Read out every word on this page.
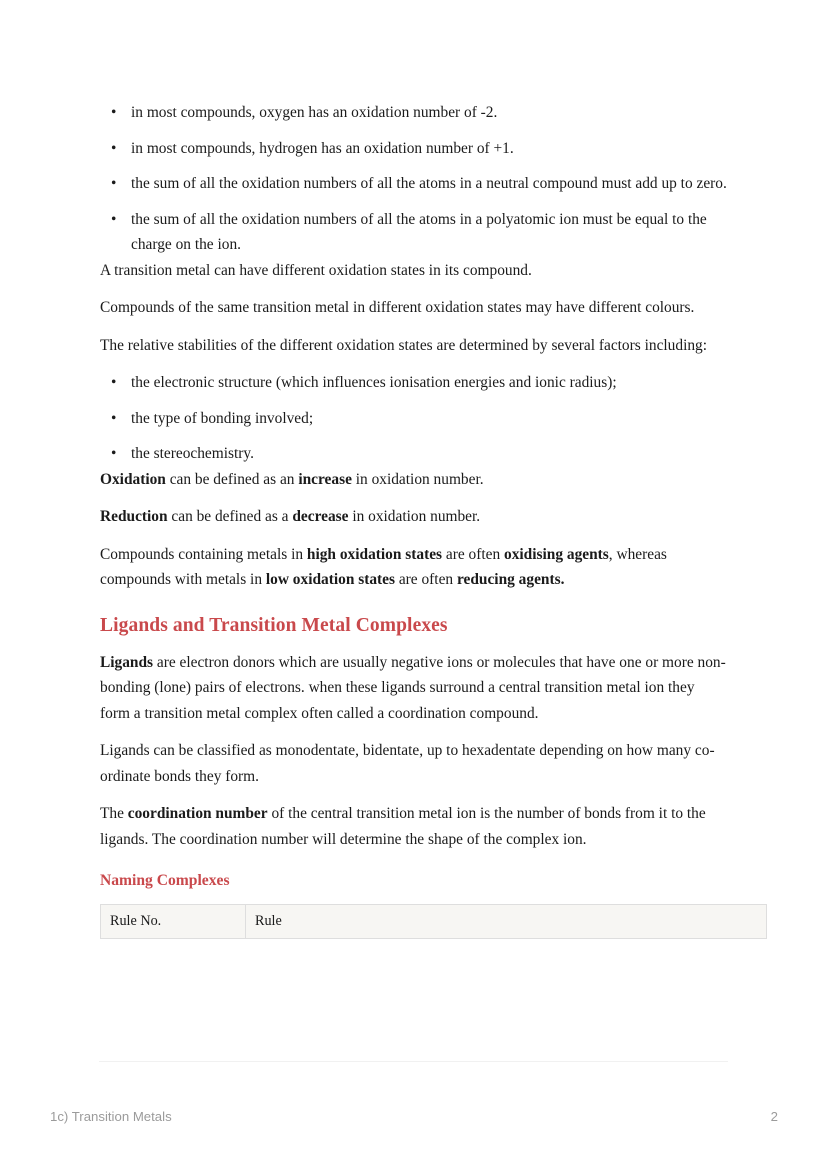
• in most compounds, oxygen has an oxidation number of -2.
• in most compounds, hydrogen has an oxidation number of +1.
• the sum of all the oxidation numbers of all the atoms in a neutral compound must add up to zero.
• the sum of all the oxidation numbers of all the atoms in a polyatomic ion must be equal to the charge on the ion.

A transition metal can have different oxidation states in its compound.

Compounds of the same transition metal in different oxidation states may have different colours.

The relative stabilities of the different oxidation states are determined by several factors including:

• the electronic structure (which influences ionisation energies and ionic radius);
• the type of bonding involved;
• the stereochemistry.

Oxidation can be defined as an increase in oxidation number.

Reduction can be defined as a decrease in oxidation number.

Compounds containing metals in high oxidation states are often oxidising agents, whereas compounds with metals in low oxidation states are often reducing agents.

Ligands and Transition Metal Complexes

Ligands are electron donors which are usually negative ions or molecules that have one or more non-bonding (lone) pairs of electrons. when these ligands surround a central transition metal ion they form a transition metal complex often called a coordination compound.

Ligands can be classified as monodentate, bidentate, up to hexadentate depending on how many co-ordinate bonds they form.

The coordination number of the central transition metal ion is the number of bonds from it to the ligands. The coordination number will determine the shape of the complex ion.

Naming Complexes
Rule No.	Rule
1c) Transition Metals	2
